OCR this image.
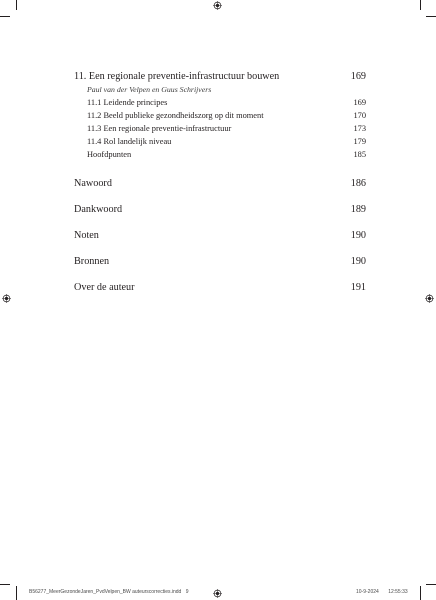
11. Een regionale preventie-infrastructuur bouwen	169
Paul van der Velpen en Guus Schrijvers
11.1 Leidende principes	169
11.2 Beeld publieke gezondheidszorg op dit moment	170
11.3 Een regionale preventie-infrastructuur	173
11.4 Rol landelijk niveau	179
Hoofdpunten	185
Nawoord	186
Dankwoord	189
Noten	190
Bronnen	190
Over de auteur	191
B56277_MeerGezondeJaren_PvdVelpen_BW auteurscorrecties.indd 9	10-9-2024 12:55:33
